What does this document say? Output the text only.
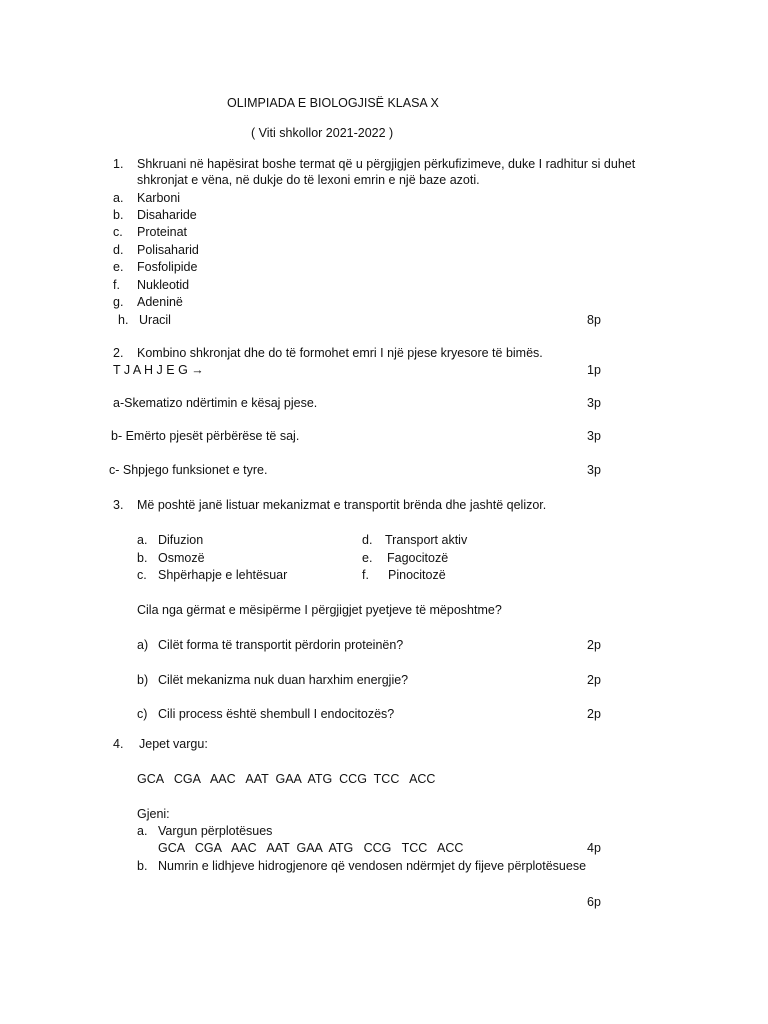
OLIMPIADA E BIOLOGJISË KLASA X
( Viti shkollor 2021-2022 )
1. Shkruani në hapësirat boshe termat që u përgjigjen përkufizimeve, duke I radhitur si duhet
shkronjat e vëna, në dukje do të lexoni emrin e një baze azoti.
a. Karboni
b. Disaharide
c. Proteinat
d. Polisaharid
e. Fosfolipide
f. Nukleotid
g. Adeninë
h. Uracil	8p
2. Kombino shkronjat dhe do të formohet emri I një pjese kryesore të bimës.
T J A H J E G →	1p
a-Skematizo ndërtimin e kësaj pjese.	3p
b- Emërto pjesët përbërëse të saj.	3p
c- Shpjego funksionet e tyre.	3p
3. Më poshtë janë listuar mekanizmat e transportit brënda dhe jashtë qelizor.
a. Difuzion
b. Osmozë
c. Shpërhapje e lehtësuar
d. Transport aktiv
e. Fagocitozë
f. Pinocitozë
Cila nga gërmat e mësipërme I përgjigjet pyetjeve të mëposhtme?
a) Cilët forma të transportit përdorin proteinën?	2p
b) Cilët mekanizma nuk duan harxhim energjie?	2p
c) Cili process është shembull I endocitozës?	2p
4. Jepet vargu:
GCA   CGA   AAC   AAT  GAA  ATG  CCG  TCC   ACC
Gjeni:
a. Vargun përplotësues
GCA   CGA   AAC   AAT  GAA  ATG   CCG   TCC   ACC	4p
b. Numrin e lidhjeve hidrogjenore që vendosen ndërmjet dy fijeve përplotësuese
6p
